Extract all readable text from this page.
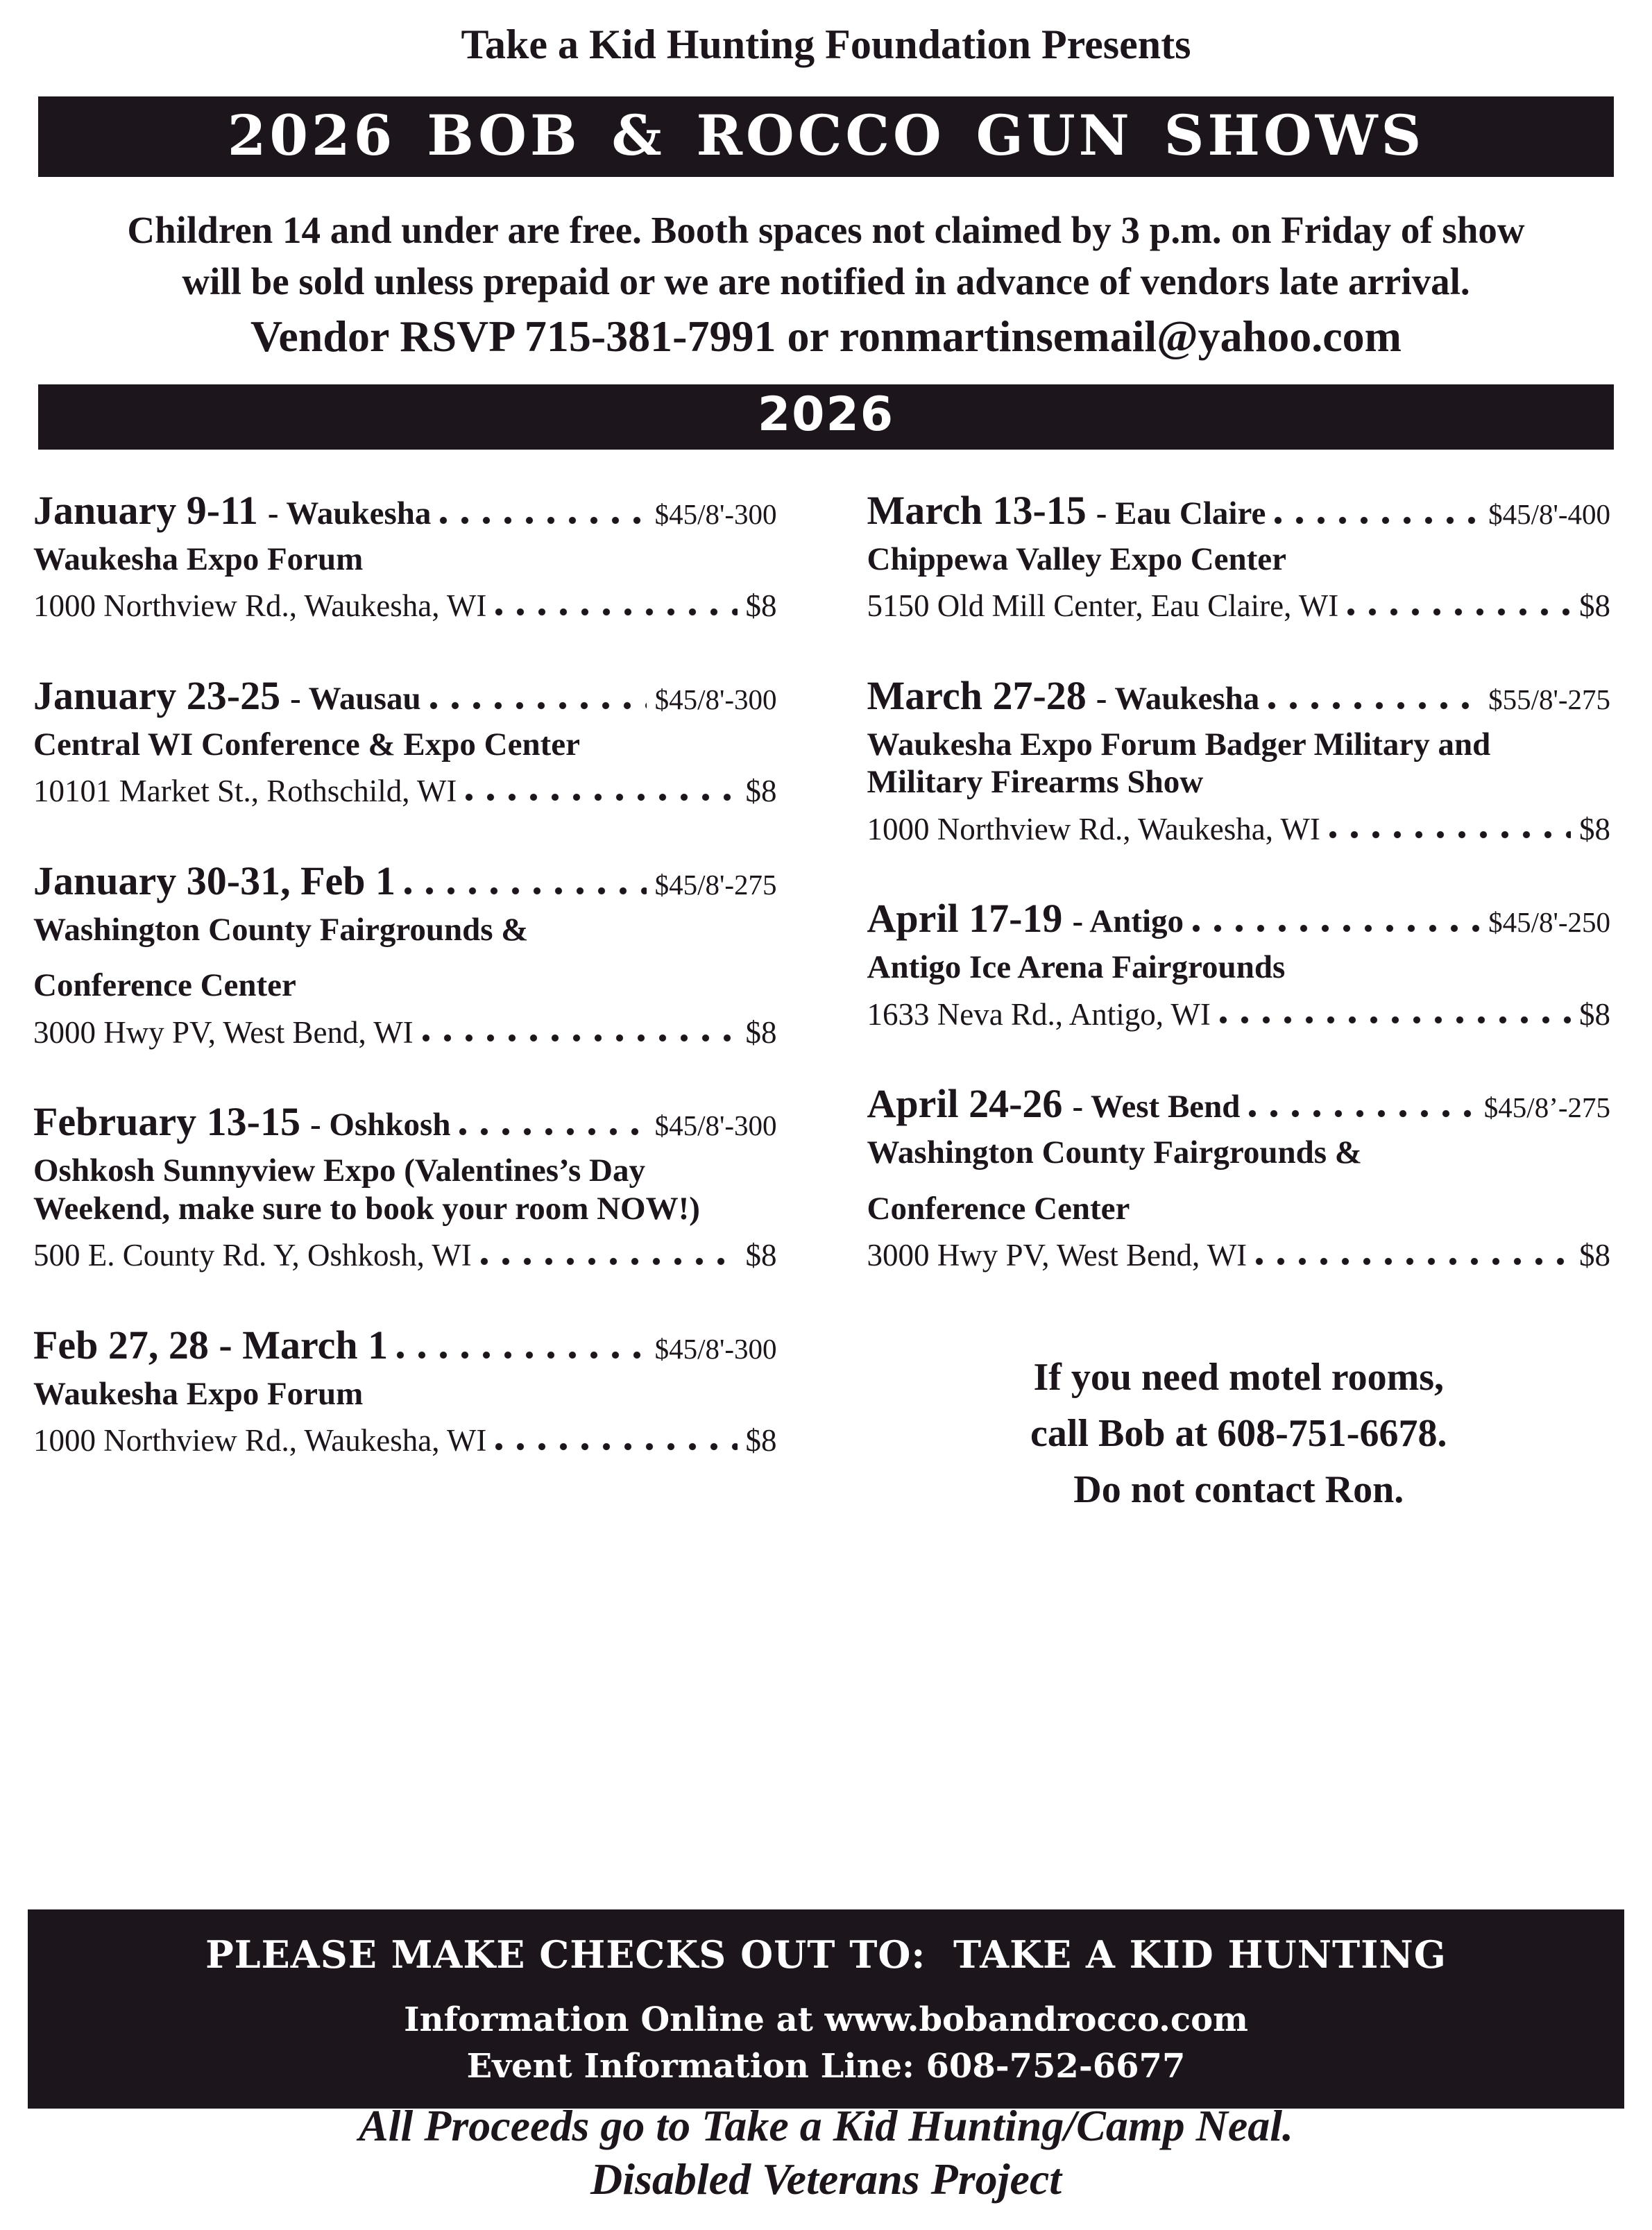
Take a Kid Hunting Foundation Presents
2026 BOB & ROCCO GUN SHOWS
Children 14 and under are free. Booth spaces not claimed by 3 p.m. on Friday of show
will be sold unless prepaid or we are notified in advance of vendors late arrival.
Vendor RSVP 715-381-7991 or ronmartinsemail@yahoo.com
2026
January 9-11 - Waukesha	$45/8'-300
Waukesha Expo Forum
1000 Northview Rd., Waukesha, WI	$8
January 23-25 - Wausau	$45/8'-300
Central WI Conference & Expo Center
10101 Market St., Rothschild, WI	$8
January 30-31, Feb 1	$45/8'-275
Washington County Fairgrounds &
Conference Center
3000 Hwy PV, West Bend, WI	$8
February 13-15 - Oshkosh	$45/8'-300
Oshkosh Sunnyview Expo (Valentines’s Day
Weekend, make sure to book your room NOW!)
500 E. County Rd. Y, Oshkosh, WI	$8
Feb 27, 28 - March 1	$45/8'-300
Waukesha Expo Forum
1000 Northview Rd., Waukesha, WI	$8
March 13-15 - Eau Claire	$45/8'-400
Chippewa Valley Expo Center
5150 Old Mill Center, Eau Claire, WI	$8
March 27-28 - Waukesha	$55/8'-275
Waukesha Expo Forum Badger Military and
Military Firearms Show
1000 Northview Rd., Waukesha, WI	$8
April 17-19 - Antigo	$45/8'-250
Antigo Ice Arena Fairgrounds
1633 Neva Rd., Antigo, WI	$8
April 24-26 - West Bend	$45/8’-275
Washington County Fairgrounds &
Conference Center
3000 Hwy PV, West Bend, WI	$8
If you need motel rooms,
call Bob at 608-751-6678.
Do not contact Ron.
PLEASE MAKE CHECKS OUT TO:  TAKE A KID HUNTING
Information Online at www.bobandrocco.com
Event Information Line: 608-752-6677
All Proceeds go to Take a Kid Hunting/Camp Neal.
Disabled Veterans Project
